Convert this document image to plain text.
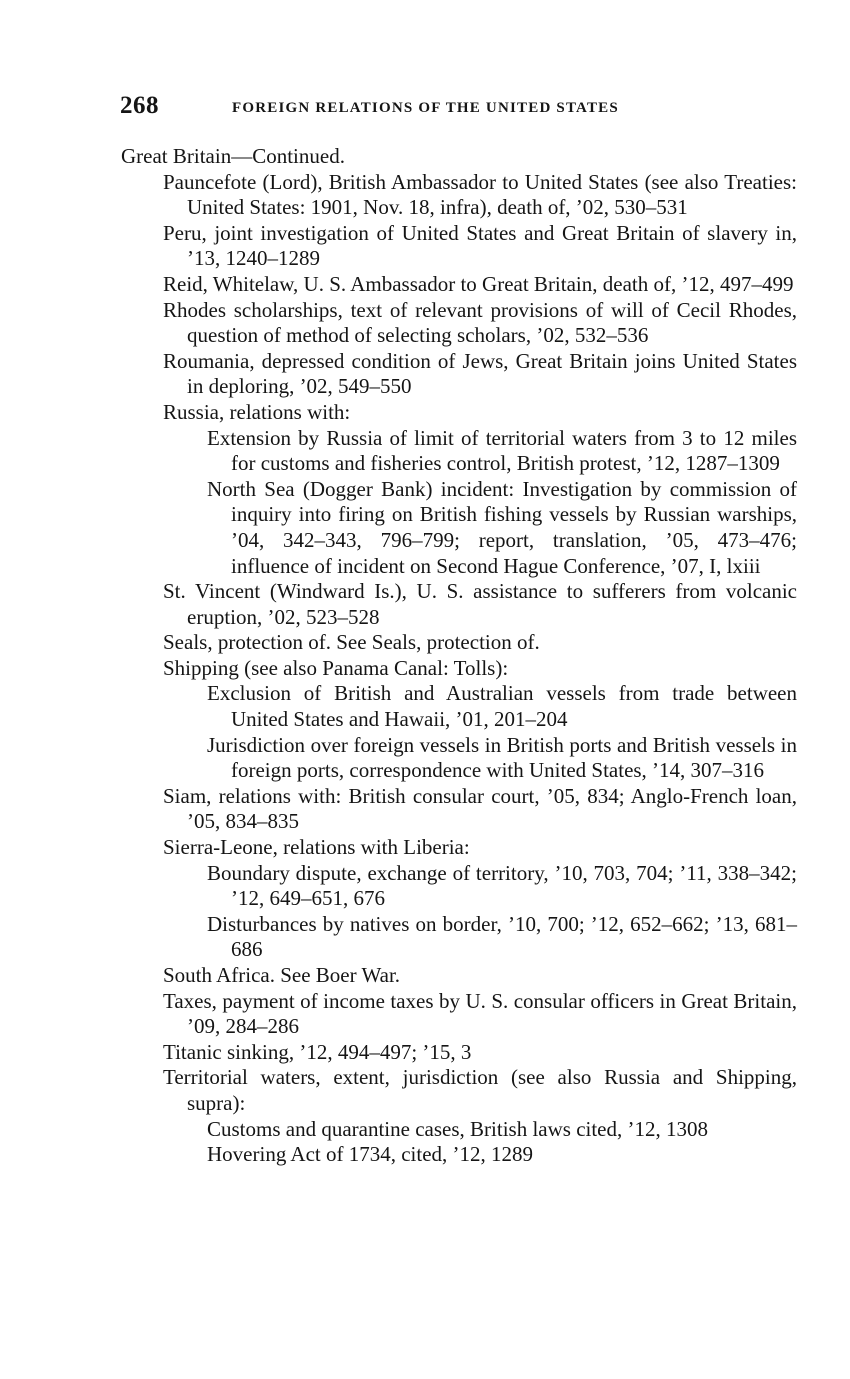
268	FOREIGN RELATIONS OF THE UNITED STATES

Great Britain—Continued.

Pauncefote (Lord), British Ambassador to United States (see also Treaties: United States: 1901, Nov. 18, infra), death of, ’02, 530–531

Peru, joint investigation of United States and Great Britain of slavery in, ’13, 1240–1289

Reid, Whitelaw, U. S. Ambassador to Great Britain, death of, ’12, 497–499

Rhodes scholarships, text of relevant provisions of will of Cecil Rhodes, question of method of selecting scholars, ’02, 532–536

Roumania, depressed condition of Jews, Great Britain joins United States in deploring, ’02, 549–550

Russia, relations with:

Extension by Russia of limit of territorial waters from 3 to 12 miles for customs and fisheries control, British protest, ’12, 1287–1309

North Sea (Dogger Bank) incident: Investigation by commission of inquiry into firing on British fishing vessels by Russian warships, ’04, 342–343, 796–799; report, translation, ’05, 473–476; influence of incident on Second Hague Conference, ’07, I, lxiii

St. Vincent (Windward Is.), U. S. assistance to sufferers from volcanic eruption, ’02, 523–528

Seals, protection of. See Seals, protection of.

Shipping (see also Panama Canal: Tolls):

Exclusion of British and Australian vessels from trade between United States and Hawaii, ’01, 201–204

Jurisdiction over foreign vessels in British ports and British vessels in foreign ports, correspondence with United States, ’14, 307–316

Siam, relations with: British consular court, ’05, 834; Anglo-French loan, ’05, 834–835

Sierra-Leone, relations with Liberia:

Boundary dispute, exchange of territory, ’10, 703, 704; ’11, 338–342; ’12, 649–651, 676

Disturbances by natives on border, ’10, 700; ’12, 652–662; ’13, 681–686

South Africa. See Boer War.

Taxes, payment of income taxes by U. S. consular officers in Great Britain, ’09, 284–286

Titanic sinking, ’12, 494–497; ’15, 3

Territorial waters, extent, jurisdiction (see also Russia and Shipping, supra):

Customs and quarantine cases, British laws cited, ’12, 1308

Hovering Act of 1734, cited, ’12, 1289
